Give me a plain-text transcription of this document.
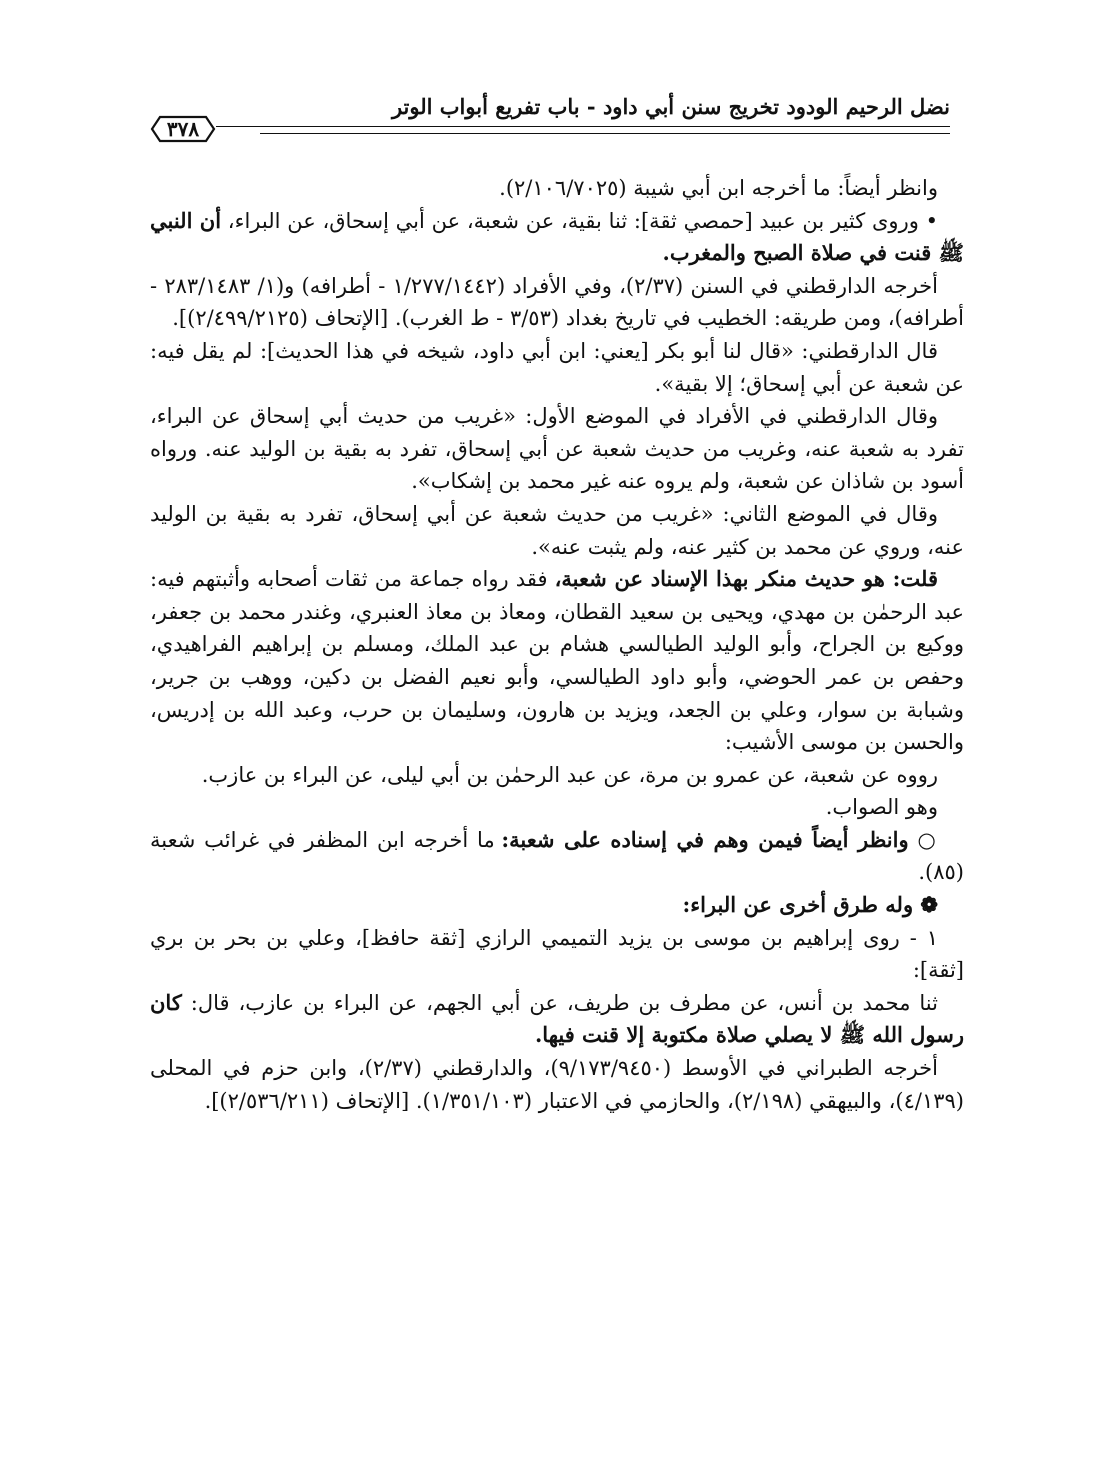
نضل الرحيم الودود تخريج سنن أبي داود - باب تفريع أبواب الوتر
٣٧٨

وانظر أيضاً: ما أخرجه ابن أبي شيبة (٢/١٠٦/٧٠٢٥).

• وروى كثير بن عبيد [حمصي ثقة]: ثنا بقية، عن شعبة، عن أبي إسحاق، عن البراء، أن النبي ﷺ قنت في صلاة الصبح والمغرب.

أخرجه الدارقطني في السنن (٢/٣٧)، وفي الأفراد (١/٢٧٧/١٤٤٢ - أطرافه) و(١/ ٢٨٣/١٤٨٣ - أطرافه)، ومن طريقه: الخطيب في تاريخ بغداد (٣/٥٣ - ط الغرب). [الإتحاف (٢/٤٩٩/٢١٢٥)].

قال الدارقطني: «قال لنا أبو بكر [يعني: ابن أبي داود، شيخه في هذا الحديث]: لم يقل فيه: عن شعبة عن أبي إسحاق؛ إلا بقية».

وقال الدارقطني في الأفراد في الموضع الأول: «غريب من حديث أبي إسحاق عن البراء، تفرد به شعبة عنه، وغريب من حديث شعبة عن أبي إسحاق، تفرد به بقية بن الوليد عنه. ورواه أسود بن شاذان عن شعبة، ولم يروه عنه غير محمد بن إشكاب».

وقال في الموضع الثاني: «غريب من حديث شعبة عن أبي إسحاق، تفرد به بقية بن الوليد عنه، وروي عن محمد بن كثير عنه، ولم يثبت عنه».

قلت: هو حديث منكر بهذا الإسناد عن شعبة، فقد رواه جماعة من ثقات أصحابه وأثبتهم فيه: عبد الرحمٰن بن مهدي، ويحيى بن سعيد القطان، ومعاذ بن معاذ العنبري، وغندر محمد بن جعفر، ووكيع بن الجراح، وأبو الوليد الطيالسي هشام بن عبد الملك، ومسلم بن إبراهيم الفراهيدي، وحفص بن عمر الحوضي، وأبو داود الطيالسي، وأبو نعيم الفضل بن دكين، ووهب بن جرير، وشبابة بن سوار، وعلي بن الجعد، ويزيد بن هارون، وسليمان بن حرب، وعبد الله بن إدريس، والحسن بن موسى الأشيب:

رووه عن شعبة، عن عمرو بن مرة، عن عبد الرحمٰن بن أبي ليلى، عن البراء بن عازب.

وهو الصواب.

○ وانظر أيضاً فيمن وهم في إسناده على شعبة: ما أخرجه ابن المظفر في غرائب شعبة (٨٥).

❁ وله طرق أخرى عن البراء:

١ - روى إبراهيم بن موسى بن يزيد التميمي الرازي [ثقة حافظ]، وعلي بن بحر بن بري [ثقة]:

ثنا محمد بن أنس، عن مطرف بن طريف، عن أبي الجهم، عن البراء بن عازب، قال: كان رسول الله ﷺ لا يصلي صلاة مكتوبة إلا قنت فيها.

أخرجه الطبراني في الأوسط (٩/١٧٣/٩٤٥٠)، والدارقطني (٢/٣٧)، وابن حزم في المحلى (٤/١٣٩)، والبيهقي (٢/١٩٨)، والحازمي في الاعتبار (١/٣٥١/١٠٣). [الإتحاف (٢/٥٣٦/٢١١)].
